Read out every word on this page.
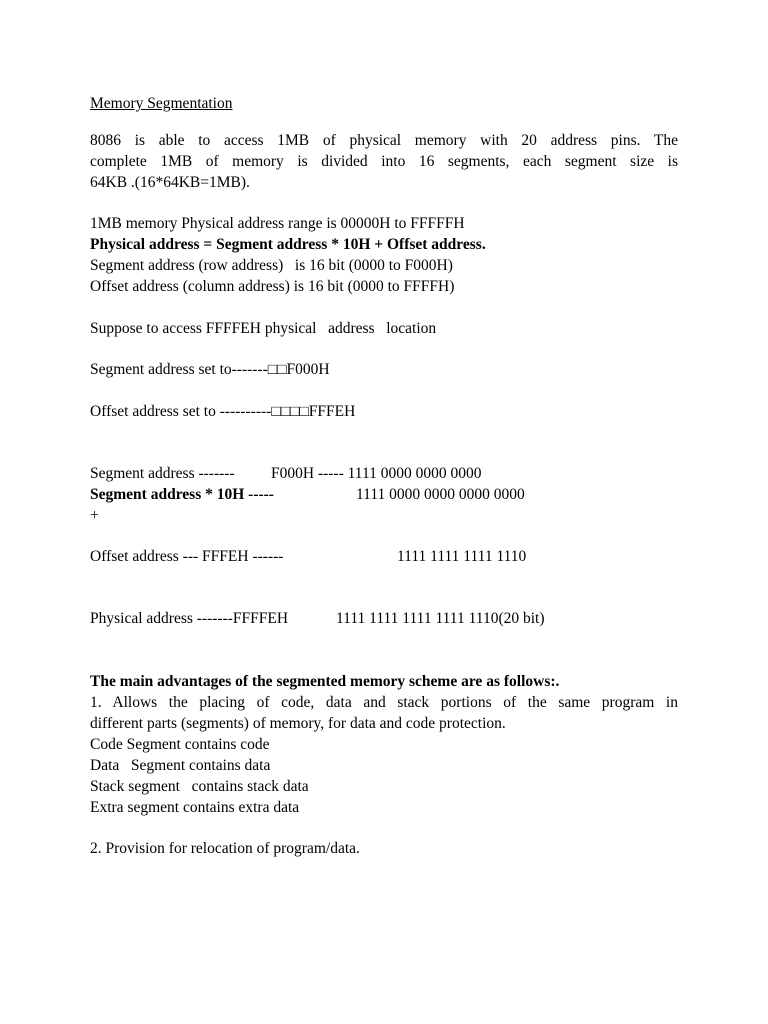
Memory Segmentation
8086 is able to access 1MB of physical memory with 20 address pins. The
complete 1MB of memory is divided into 16 segments, each segment size is
64KB .(16*64KB=1MB).
1MB memory Physical address range is 00000H to FFFFFH
Physical address = Segment address * 10H + Offset address.
Segment address (row address)   is 16 bit (0000 to F000H)
Offset address (column address) is 16 bit (0000 to FFFFH)
Suppose to access FFFFEH physical   address   location
Segment address set to-------□□F000H
Offset address set to ----------□□□□FFFEH
Segment address ------- F000H ----- 1111 0000 0000 0000
Segment address * 10H -----	1111 0000 0000 0000 0000
+
Offset address --- FFFEH ------	1111 1111 1111 1110
Physical address -------FFFFEH	1111 1111 1111 1111 1110(20 bit)
The main advantages of the segmented memory scheme are as follows:.
1. Allows the placing of code, data and stack portions of the same program in
different parts (segments) of memory, for data and code protection.
Code Segment contains code
Data   Segment contains data
Stack segment   contains stack data
Extra segment contains extra data
2. Provision for relocation of program/data.
